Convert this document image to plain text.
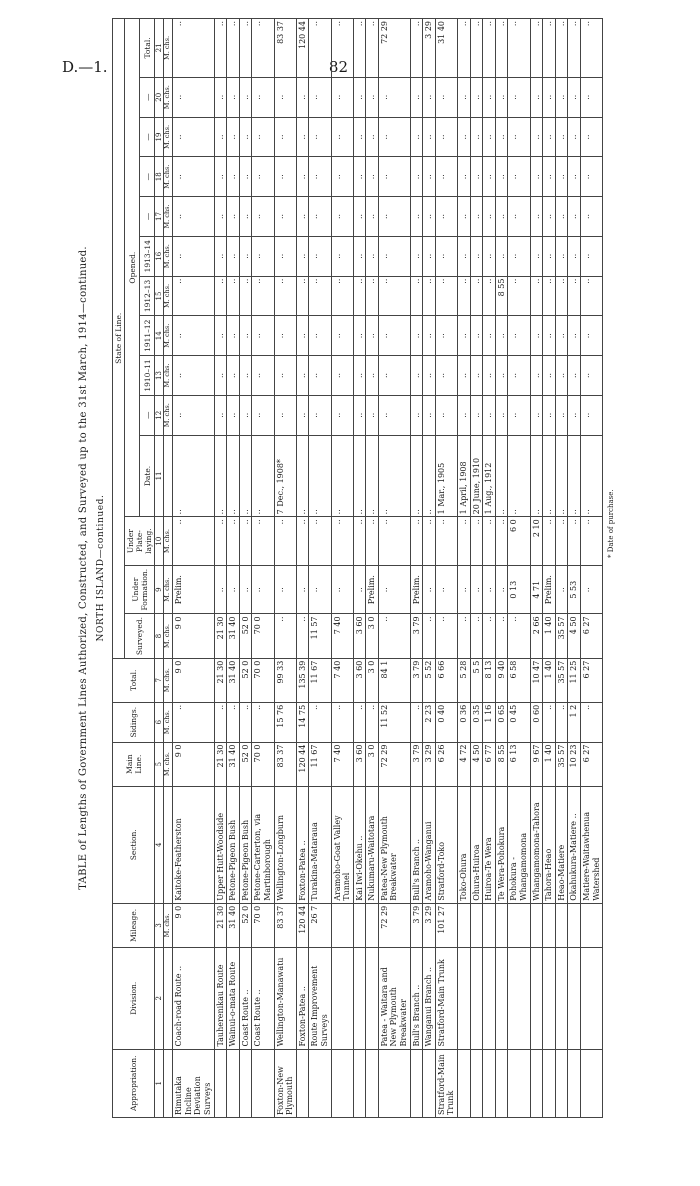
D.—1.	82
TABLE of Lengths of Government Lines Authorized, Constructed, and Surveyed up to the 31st March, 1914—continued. NORTH ISLAND—continued.
Appropriation.	Division.	Mileage.	Section.	Main Line.	Sidings.	Total.	State of Line.													
							Surveyed.	Under Formation.	Under Plate-laying.	Opened.										
										Date.	—	1910–11	1911–12	1912–13	1913–14	—	—	—	—	Total.
1	2	3	4	5	6	7	8	9	10	11	12	13	14	15	16	17	18	19	20	21
		M. chs.		M. chs.	M. chs.	M. chs.	M. chs.	M. chs.	M. chs.		M. chs.	M. chs.	M. chs.	M. chs.	M. chs.	M. chs.	M. chs.	M. chs.	M. chs.	M. chs.
Rimutaka Incline Deviation Surveys	Coach-road Route ..	9 0	Kaitoke-Featherston	9 0	..	9 0	9 0	Prelim.	..	..	..	..	..	..	..	..	..	..	..	..
	Tauherenikau Route	21 30	Upper Hutt-Woodside	21 30	..	21 30	21 30	..	..	..	..	..	..	..	..	..	..	..	..	..
	Wainui-o-mata Route	31 40	Petone-Pigeon Bush	31 40	..	31 40	31 40	..	..	..	..	..	..	..	..	..	..	..	..	..
	Coast Route ..	52 0	Petone-Pigeon Bush	52 0	..	52 0	52 0	..	..	..	..	..	..	..	..	..	..	..	..	..
	Coast Route ..	70 0	Petone-Carterton, via Martinborough	70 0	..	70 0	70 0	..	..	..	..	..	..	..	..	..	..	..	..	..
Foxton-New Plymouth	Wellington-Manawatu	83 37	Wellington-Longburn	83 37	15 76	99 33	..	..	..	7 Dec., 1908*	..	..	..	..	..	..	..	..	..	83 37
	Foxton-Patea ..	120 44	Foxton-Patea ..	120 44	14 75	135 39	..	..	..	..	..	..	..	..	..	..	..	..	..	120 44
	Route Improvement Surveys	26 7	Turakina-Mataraua	11 67	..	11 67	11 57	..	..	..	..	..	..	..	..	..	..	..	..	..
			Aramoho-Goat Valley Tunnel	7 40	..	7 40	7 40	..	..	..	..	..	..	..	..	..	..	..	..	..
			Kai Iwi-Okehu ..	3 60	..	3 60	3 60	..	..	..	..	..	..	..	..	..	..	..	..	..
			Nukumaru-Waitotara	3 0	..	3 0	3 0	Prelim.	..	..	..	..	..	..	..	..	..	..	..	..
	Patea - Waitara and New Plymouth Breakwater	72 29	Patea-New Plymouth Breakwater	72 29	11 52	84 1	..	..	..	..	..	..	..	..	..	..	..	..	..	72 29
	Bull's Branch ..	3 79	Bull's Branch ..	3 79	..	3 79	3 79	Prelim.	..	..	..	..	..	..	..	..	..	..	..	..
	Wanganui Branch ..	3 29	Aramoho-Wanganui	3 29	2 23	5 52	..	..	..	..	..	..	..	..	..	..	..	..	..	3 29
Stratford-Main Trunk	Stratford-Main Trunk	101 27	Stratford-Toko	6 26	0 40	6 66	..	..	..	1 Mar., 1905	..	..	..	..	..	..	..	..	..	31 40
			Toko-Ohura	4 72	0 36	5 28	..	..	..	1 April, 1908	..	..	..	..	..	..	..	..	..	..
			Ohura-Huiroa	4 50	0 35	5 5	..	..	..	20 June, 1910	..	..	..	..	..	..	..	..	..	..
			Huiroa-Te Wera	6 77	1 16	8 13	..	..	..	1 Aug., 1912	..	..	..	..	..	..	..	..	..	..
			Te Wera-Pohokura	8 55	0 65	9 40	..	..	..	..	..	..	..	8 55	..	..	..	..	..	..
			Pohokura - Whangamomona	6 13	0 45	6 58	..	0 13	6 0	..	..	..	..	..	..	..	..	..	..	..
			Whangamomona-Tahora	9 67	0 60	10 47	2 66	4 71	2 10	..	..	..	..	..	..	..	..	..	..	..
			Tahora-Heao	1 40	..	1 40	1 40	Prelim.	..	..	..	..	..	..	..	..	..	..	..	..
			Heao-Matiere	35 57	..	35 57	35 57	..	..	..	..	..	..	..	..	..	..	..	..	..
			Okahukura-Matiere ..	10 23	1 2	11 25	4 50	5 53	..	..	..	..	..	..	..	..	..	..	..	..
			Matiere-Waitawhenua Watershed	6 27	..	6 27	6 27	..	..	..	..	..	..	..	..	..	..	..	..	..
* Date of purchase.
